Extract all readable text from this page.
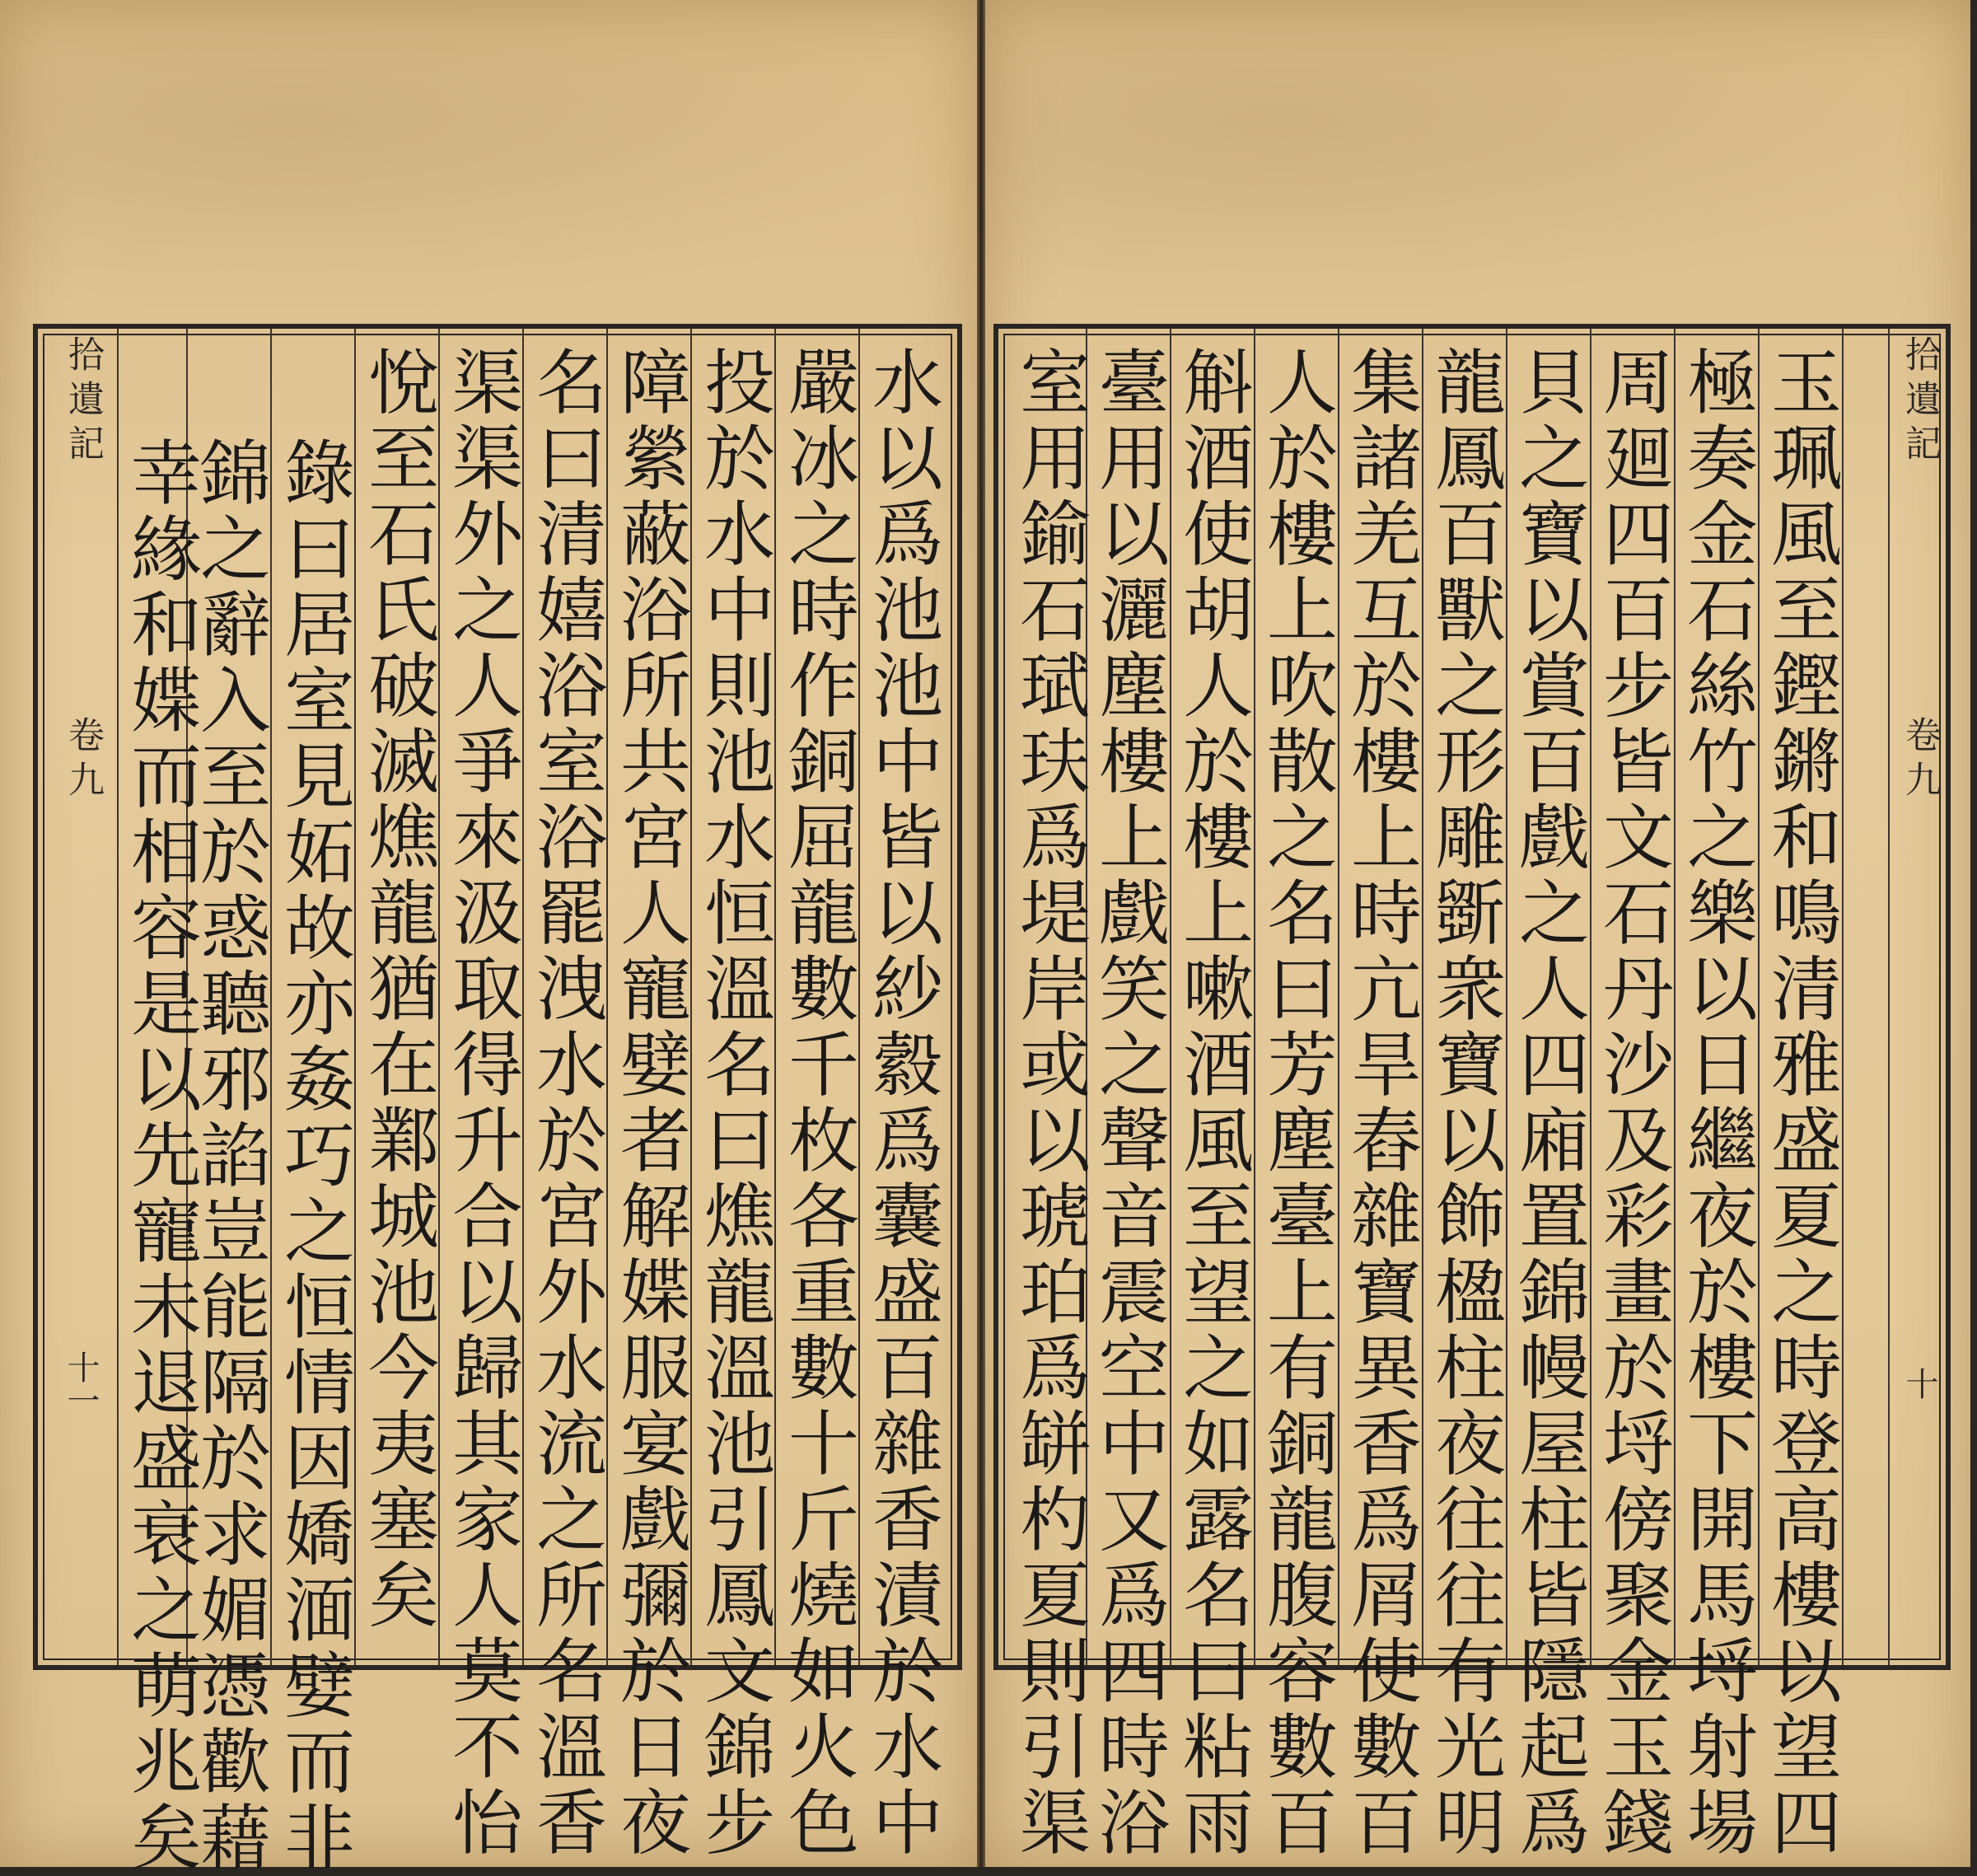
拾遺記
卷九
十一	水以爲池池中皆以紗縠爲囊盛百雜香漬於水中
嚴冰之時作銅屈龍數千枚各重數十斤燒如火色
投於水中則池水恒溫名曰燋龍溫池引鳳文錦步
障縈蔽浴所共宮人寵嬖者解媟服宴戲彌於日夜
名曰清嬉浴室浴罷洩水於宮外水流之所名溫香
渠渠外之人爭來汲取得升合以歸其家人莫不怡
悅至石氏破滅燋龍猶在鄴城池今夷塞矣
錄曰居室見妬故亦姦巧之恒情因嬌湎嬖而非
錦之辭入至於惑聽邪諂豈能隔於求媚憑歡藉
幸緣和媟而相容是以先寵未退盛衰之萌兆矣	玉珮風至鏗鏘和鳴清雅盛夏之時登高樓以望四
極奏金石絲竹之樂以日繼夜於樓下開馬埒射場
周廻四百步皆文石丹沙及彩畫於埒傍聚金玉錢
貝之寶以賞百戲之人四廂置錦幔屋柱皆隱起爲
龍鳳百獸之形雕斵衆寶以飾楹柱夜往往有光明
集諸羌互於樓上時亢旱舂雜寶異香爲屑使數百
人於樓上吹散之名曰芳塵臺上有銅龍腹容數百
斛酒使胡人於樓上嗽酒風至望之如露名曰粘雨
臺用以灑塵樓上戲笑之聲音震空中又爲四時浴
室用鍮石珷玞爲堤岸或以琥珀爲缾杓夏則引渠	拾遺記
卷九
十
